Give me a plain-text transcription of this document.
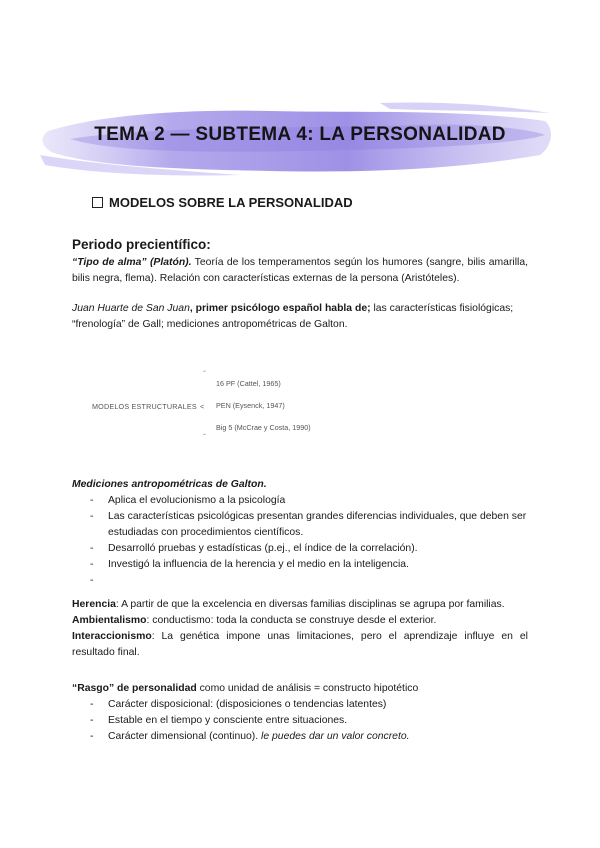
TEMA 2 — SUBTEMA 4: LA PERSONALIDAD
MODELOS SOBRE LA PERSONALIDAD
Periodo precientífico:
“Tipo de alma” (Platón). Teoría de los temperamentos según los humores (sangre, bilis amarilla, bilis negra, flema). Relación con características externas de la persona (Aristóteles).
Juan Huarte de San Juan, primer psicólogo español habla de; las características fisiológicas; “frenología” de Gall; mediciones antropométricas de Galton.
⌄
MODELOS ESTRUCTURALES <
16 PF (Cattel, 1965)
PEN (Eysenck, 1947)
Big 5 (McCrae y Costa, 1990)
⌃
Mediciones antropométricas de Galton.
- Aplica el evolucionismo a la psicología
- Las características psicológicas presentan grandes diferencias individuales, que deben ser estudiadas con procedimientos científicos.
- Desarrolló pruebas y estadísticas (p.ej., el índice de la correlación).
- Investigó la influencia de la herencia y el medio en la inteligencia.
-

Herencia: A partir de que la excelencia en diversas familias disciplinas se agrupa por familias.
Ambientalismo: conductismo: toda la conducta se construye desde el exterior.
Interaccionismo: La genética impone unas limitaciones, pero el aprendizaje influye en el resultado final.
“Rasgo” de personalidad como unidad de análisis = constructo hipotético
- Carácter disposicional: (disposiciones o tendencias latentes)
- Estable en el tiempo y consciente entre situaciones.
- Carácter dimensional (continuo). le puedes dar un valor concreto.
